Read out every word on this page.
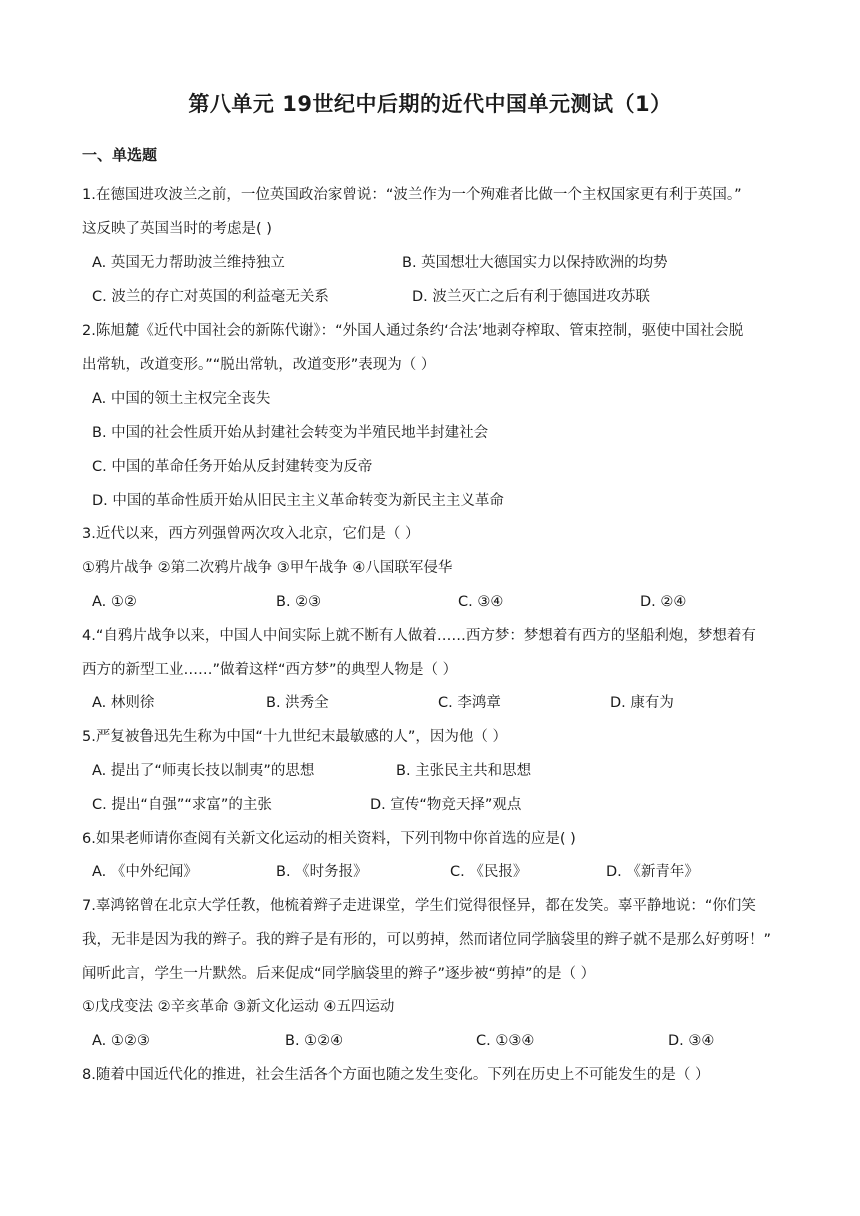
第八单元 19世纪中后期的近代中国单元测试（1）
一、单选题
1.在德国进攻波兰之前，一位英国政治家曾说：“波兰作为一个殉难者比做一个主权国家更有利于英国。”
这反映了英国当时的考虑是( )
A. 英国无力帮助波兰维持独立	B. 英国想壮大德国实力以保持欧洲的均势
C. 波兰的存亡对英国的利益毫无关系	D. 波兰灭亡之后有利于德国进攻苏联
2.陈旭麓《近代中国社会的新陈代谢》：“外国人通过条约‘合法’地剥夺榨取、管束控制，驱使中国社会脱
出常轨，改道变形。”“脱出常轨，改道变形”表现为（ ）
A. 中国的领土主权完全丧失
B. 中国的社会性质开始从封建社会转变为半殖民地半封建社会
C. 中国的革命任务开始从反封建转变为反帝
D. 中国的革命性质开始从旧民主主义革命转变为新民主主义革命
3.近代以来，西方列强曾两次攻入北京，它们是（ ）
①鸦片战争 ②第二次鸦片战争 ③甲午战争 ④八国联军侵华
A. ①②	B. ②③	C. ③④	D. ②④
4.“自鸦片战争以来，中国人中间实际上就不断有人做着……西方梦：梦想着有西方的坚船利炮，梦想着有
西方的新型工业……”做着这样“西方梦”的典型人物是（ ）
A. 林则徐	B. 洪秀全	C. 李鸿章	D. 康有为
5.严复被鲁迅先生称为中国“十九世纪末最敏感的人”，因为他（ ）
A. 提出了“师夷长技以制夷”的思想	B. 主张民主共和思想
C. 提出“自强”“求富”的主张	D. 宣传“物竞天择”观点
6.如果老师请你查阅有关新文化运动的相关资料，下列刊物中你首选的应是( )
A. 《中外纪闻》	B. 《时务报》	C. 《民报》	D. 《新青年》
7.辜鸿铭曾在北京大学任教，他梳着辫子走进课堂，学生们觉得很怪异，都在发笑。辜平静地说：“你们笑
我，无非是因为我的辫子。我的辫子是有形的，可以剪掉，然而诸位同学脑袋里的辫子就不是那么好剪呀！”
闻听此言，学生一片默然。后来促成“同学脑袋里的辫子”逐步被“剪掉”的是（ ）
①戊戌变法 ②辛亥革命 ③新文化运动 ④五四运动
A. ①②③	B. ①②④	C. ①③④	D. ③④
8.随着中国近代化的推进，社会生活各个方面也随之发生变化。下列在历史上不可能发生的是（ ）
